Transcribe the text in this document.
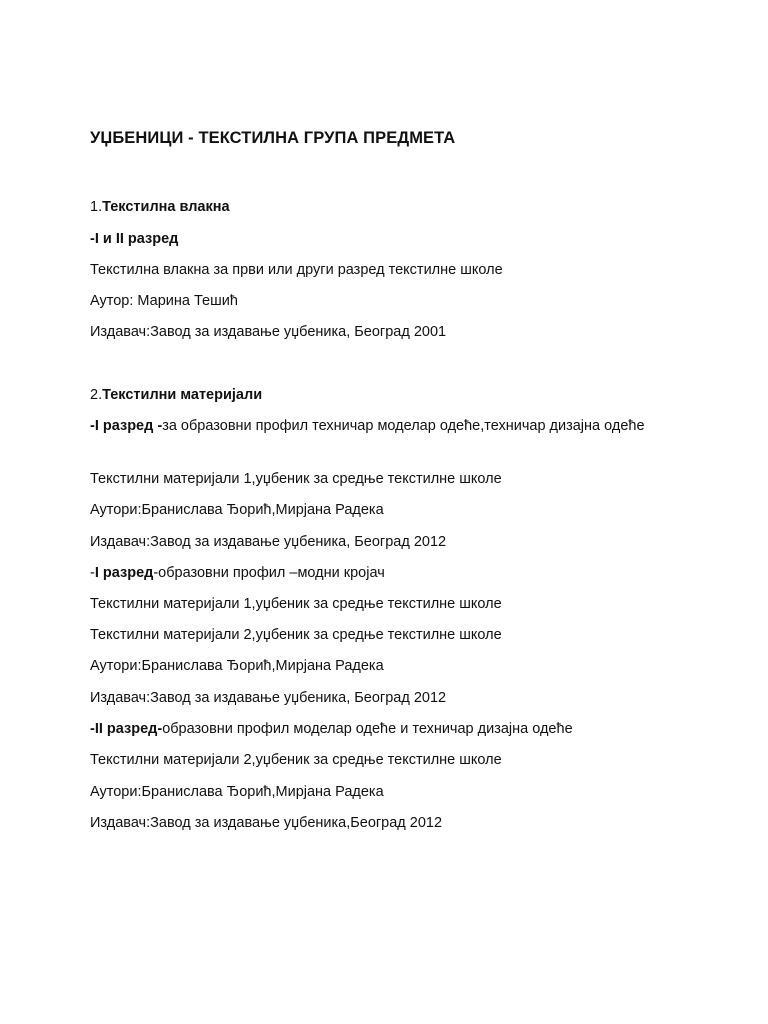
УЏБЕНИЦИ - ТЕКСТИЛНА ГРУПА ПРЕДМЕТА

1.Текстилна влакна

-I и II разред

Текстилна влакна за први или други разред текстилне школе

Аутор: Марина Тешић

Издавач:Завод за издавање уџбеника, Београд 2001

2.Текстилни материјали

-I разред -за образовни профил техничар моделар одеће,техничар дизајна одеће

Текстилни материјали 1,уџбеник за средње текстилне школе

Аутори:Бранислава Ђорић,Мирјана Радека

Издавач:Завод за издавање уџбеника, Београд 2012

-I разред-образовни профил –модни кројач

Текстилни материјали 1,уџбеник за средње текстилне школе

Текстилни материјали 2,уџбеник за средње текстилне школе

Аутори:Бранислава Ђорић,Мирјана Радека

Издавач:Завод за издавање уџбеника, Београд 2012

-II разред-образовни профил моделар одеће и техничар дизајна одеће

Текстилни материјали 2,уџбеник за средње текстилне школе

Аутори:Бранислава Ђорић,Мирјана Радека

Издавач:Завод за издавање уџбеника,Београд 2012
